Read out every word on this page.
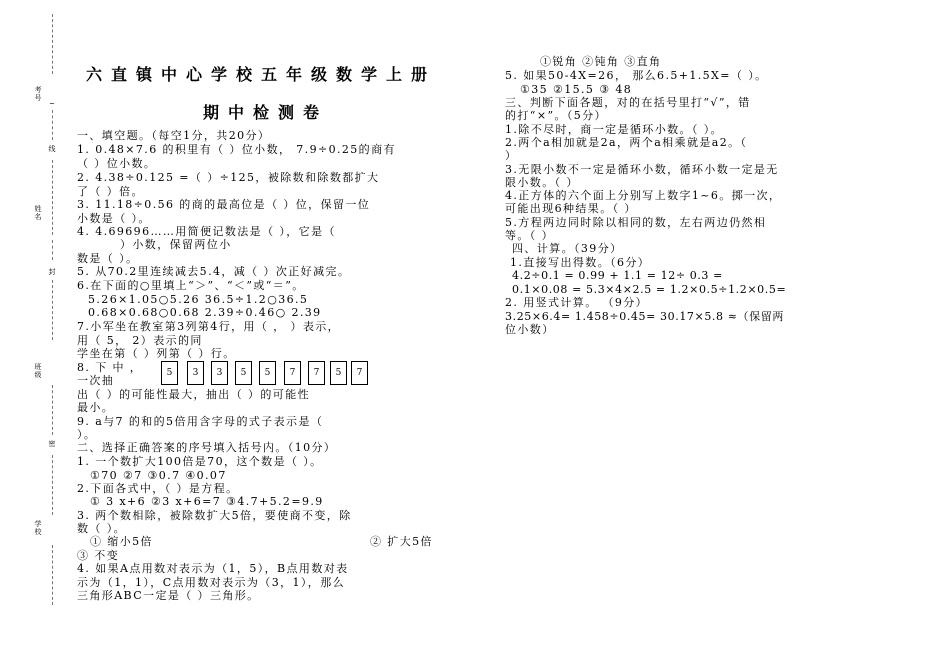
考号
~
线
姓名
封
班级
密
学校
六直镇中心学校五年级数学上册
期中检测卷
一、填空题。（每空1分，共20分）
1. 0.48×7.6 的积里有（ ）位小数， 7.9÷0.25的商有
（ ）位小数。
2. 4.38÷0.125 =（ ）÷125，被除数和除数都扩大
了（ ）倍。
3. 11.18÷0.56 的商的最高位是（ ）位，保留一位
小数是（ ）。
4. 4.69696……用简便记数法是（ ），它是（
）小数，保留两位小
数是（ ）。
5. 从70.2里连续减去5.4，减（ ）次正好减完。
6.在下面的○里填上“＞”、“＜”或“＝”。
5.26×1.05○5.26 36.5÷1.2○36.5
0.68×0.68○0.68 2.39÷0.46○ 2.39
7.小军坐在教室第3列第4行，用（ ， ）表示，
用（ 5， 2）表示的同
学坐在第（ ）列第（ ）行。
8. 下 中 ，
一次抽
5	3	3	5	5	7	7	5	7
出（ ）的可能性最大，抽出（ ）的可能性
最小。
9. a与7 的和的5倍用含字母的式子表示是（
）。
二、选择正确答案的序号填入括号内。（10分）
1. 一个数扩大100倍是70，这个数是（ ）。
①70 ②7 ③0.7 ④0.07
2.下面各式中，（ ）是方程。
① 3 x+6 ②3 x+6=7 ③4.7+5.2=9.9
3. 两个数相除，被除数扩大5倍，要使商不变，除
数（ ）。
① 缩小5倍	② 扩大5倍
③ 不变
4. 如果A点用数对表示为（1，5），B点用数对表
示为（1，1），C点用数对表示为（3，1），那么
三角形ABC一定是（ ）三角形。
①锐角 ②钝角 ③直角
5. 如果50-4X=26， 那么6.5+1.5X=（ ）。
①35 ②15.5 ③ 48
三、判断下面各题，对的在括号里打“√”，错
的打“×”。（5分）
1.除不尽时，商一定是循环小数。（ ）。
2.两个a相加就是2a，两个a相乘就是a2。（
）
3.无限小数不一定是循环小数，循环小数一定是无
限小数。（ ）
4.正方体的六个面上分别写上数字1~6。掷一次，
可能出现6种结果。（ ）
5.方程两边同时除以相同的数，左右两边仍然相
等。（ ）
四、计算。（39分）
1.直接写出得数。（6分）
4.2÷0.1 = 0.99 + 1.1 = 12÷ 0.3 =
0.1×0.08 = 5.3×4×2.5 = 1.2×0.5÷1.2×0.5=
2. 用竖式计算。 （9分）
3.25×6.4= 1.458÷0.45= 30.17×5.8 ≈（保留两
位小数）
